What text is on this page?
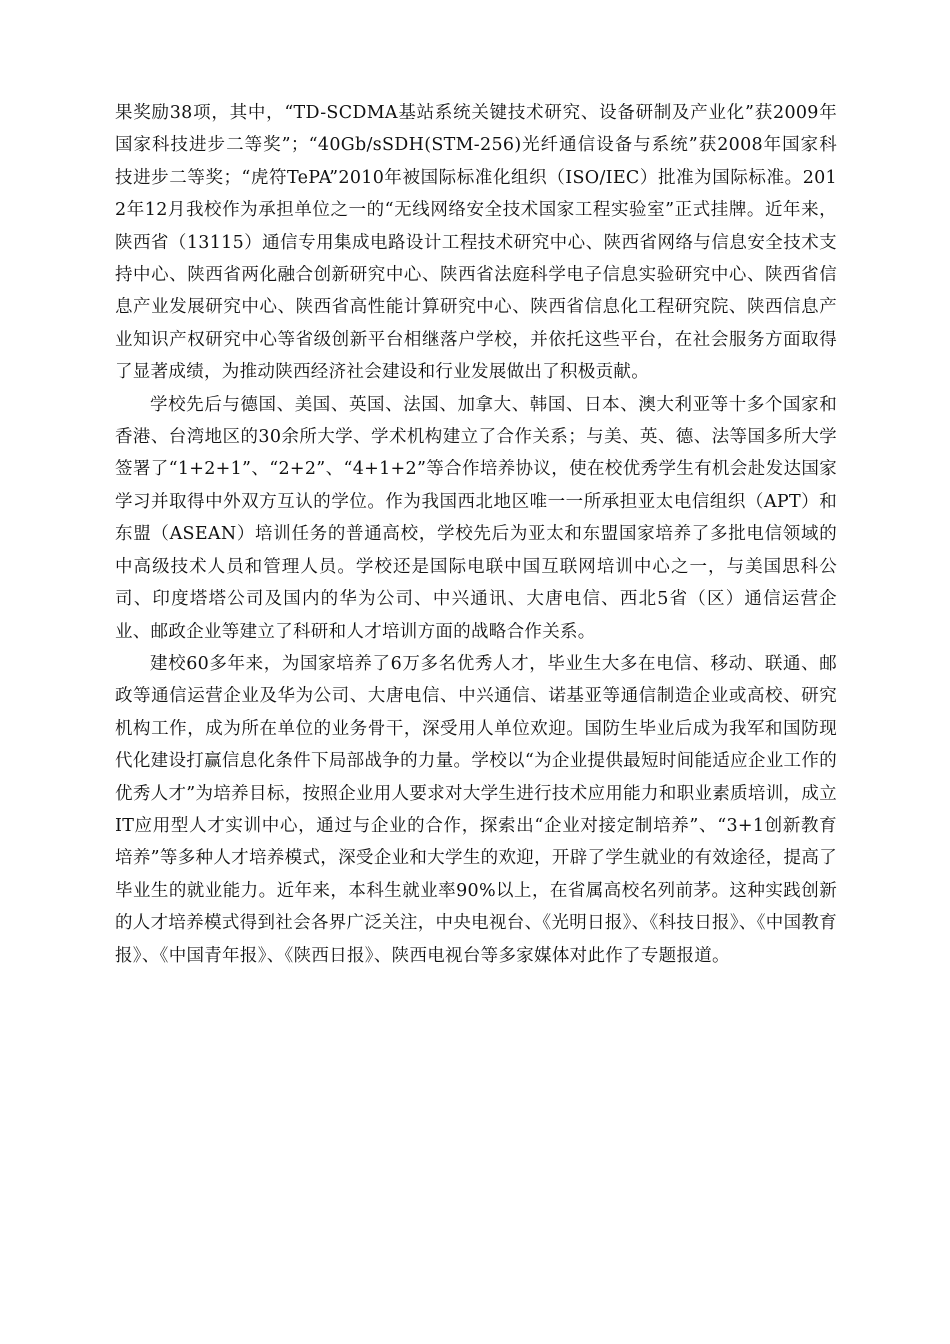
果奖励38项，其中，“TD-SCDMA基站系统关键技术研究、设备研制及产业化”获2009年国家科技进步二等奖”；“40Gb/sSDH(STM-256)光纤通信设备与系统”获2008年国家科技进步二等奖；“虎符TePA”2010年被国际标准化组织（ISO/IEC）批准为国际标准。2012年12月我校作为承担单位之一的“无线网络安全技术国家工程实验室”正式挂牌。近年来，陕西省（13115）通信专用集成电路设计工程技术研究中心、陕西省网络与信息安全技术支持中心、陕西省两化融合创新研究中心、陕西省法庭科学电子信息实验研究中心、陕西省信息产业发展研究中心、陕西省高性能计算研究中心、陕西省信息化工程研究院、陕西信息产业知识产权研究中心等省级创新平台相继落户学校，并依托这些平台，在社会服务方面取得了显著成绩，为推动陕西经济社会建设和行业发展做出了积极贡献。

学校先后与德国、美国、英国、法国、加拿大、韩国、日本、澳大利亚等十多个国家和香港、台湾地区的30余所大学、学术机构建立了合作关系；与美、英、德、法等国多所大学签署了“1+2+1”、“2+2”、“4+1+2”等合作培养协议，使在校优秀学生有机会赴发达国家学习并取得中外双方互认的学位。作为我国西北地区唯一一所承担亚太电信组织（APT）和东盟（ASEAN）培训任务的普通高校，学校先后为亚太和东盟国家培养了多批电信领域的中高级技术人员和管理人员。学校还是国际电联中国互联网培训中心之一，与美国思科公司、印度塔塔公司及国内的华为公司、中兴通讯、大唐电信、西北5省（区）通信运营企业、邮政企业等建立了科研和人才培训方面的战略合作关系。

建校60多年来，为国家培养了6万多名优秀人才，毕业生大多在电信、移动、联通、邮政等通信运营企业及华为公司、大唐电信、中兴通信、诺基亚等通信制造企业或高校、研究机构工作，成为所在单位的业务骨干，深受用人单位欢迎。国防生毕业后成为我军和国防现代化建设打赢信息化条件下局部战争的力量。学校以“为企业提供最短时间能适应企业工作的优秀人才”为培养目标，按照企业用人要求对大学生进行技术应用能力和职业素质培训，成立IT应用型人才实训中心，通过与企业的合作，探索出“企业对接定制培养”、“3+1创新教育培养”等多种人才培养模式，深受企业和大学生的欢迎，开辟了学生就业的有效途径，提高了毕业生的就业能力。近年来，本科生就业率90%以上，在省属高校名列前茅。这种实践创新的人才培养模式得到社会各界广泛关注，中央电视台、《光明日报》、《科技日报》、《中国教育报》、《中国青年报》、《陕西日报》、陕西电视台等多家媒体对此作了专题报道。
